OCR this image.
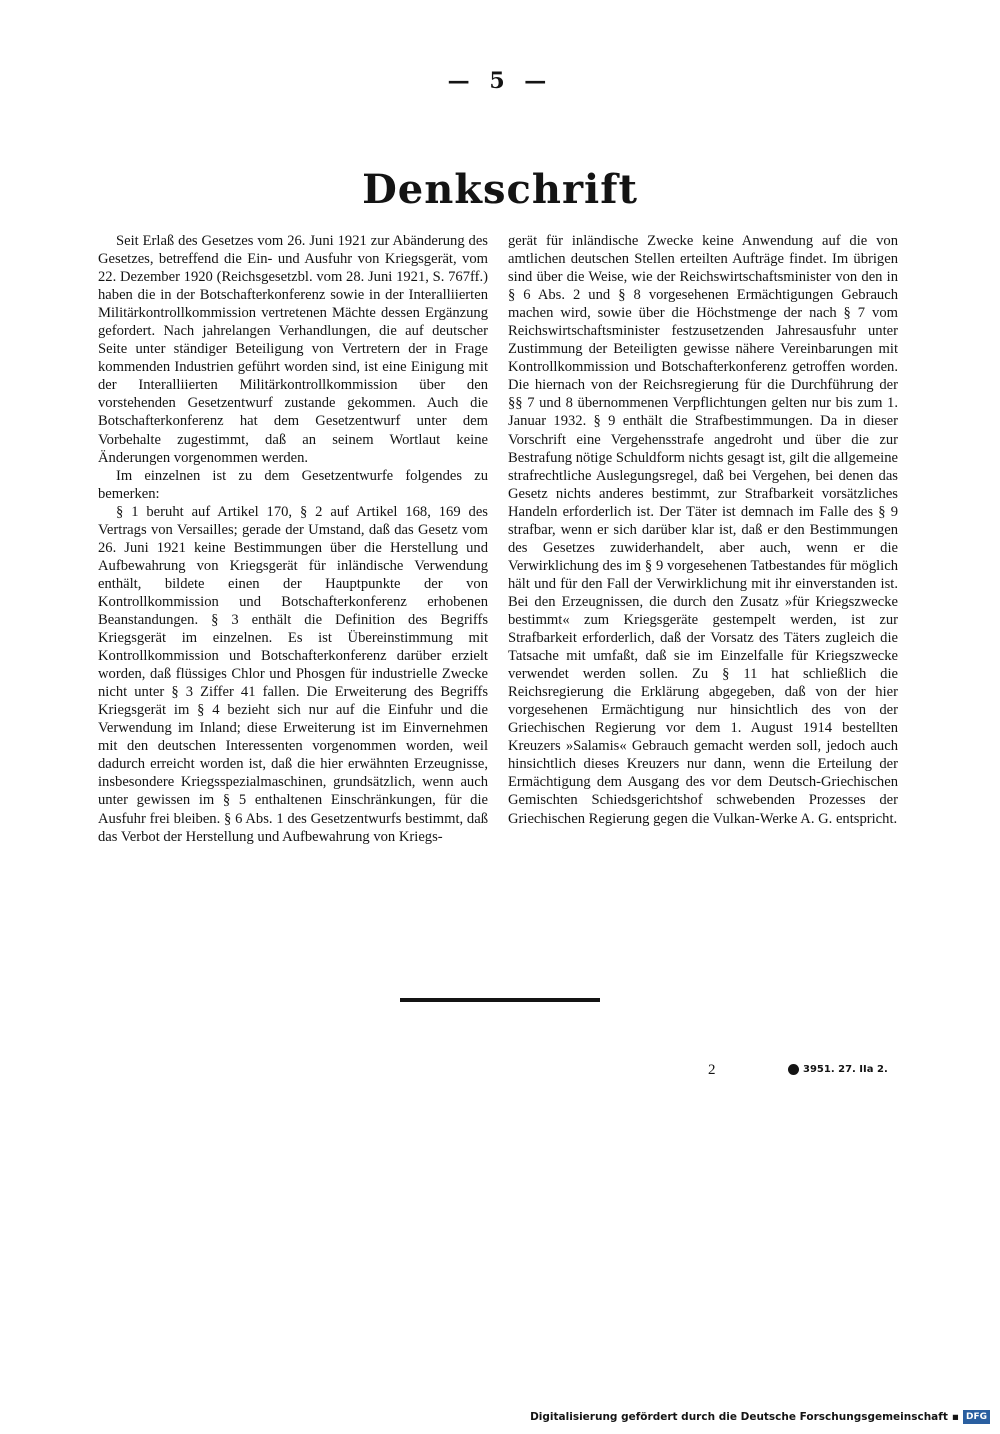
— 5 —
Denkschrift

Seit Erlaß des Gesetzes vom 26. Juni 1921 zur Abänderung des Gesetzes, betreffend die Ein- und Ausfuhr von Kriegsgerät, vom 22. Dezember 1920 (Reichsgesetzbl. vom 28. Juni 1921, S. 767ff.) haben die in der Botschafterkonferenz sowie in der Interalliierten Militärkontrollkommission vertretenen Mächte dessen Ergänzung gefordert. Nach jahrelangen Verhandlungen, die auf deutscher Seite unter ständiger Beteiligung von Vertretern der in Frage kommenden Industrien geführt worden sind, ist eine Einigung mit der Interalliierten Militärkontrollkommission über den vorstehenden Gesetzentwurf zustande gekommen. Auch die Botschafterkonferenz hat dem Gesetzentwurf unter dem Vorbehalte zugestimmt, daß an seinem Wortlaut keine Änderungen vorgenommen werden.

Im einzelnen ist zu dem Gesetzentwurfe folgendes zu bemerken:

§ 1 beruht auf Artikel 170, § 2 auf Artikel 168, 169 des Vertrags von Versailles; gerade der Umstand, daß das Gesetz vom 26. Juni 1921 keine Bestimmungen über die Herstellung und Aufbewahrung von Kriegsgerät für inländische Verwendung enthält, bildete einen der Hauptpunkte der von Kontrollkommission und Botschafterkonferenz erhobenen Beanstandungen. § 3 enthält die Definition des Begriffs Kriegsgerät im einzelnen. Es ist Übereinstimmung mit Kontrollkommission und Botschafterkonferenz darüber erzielt worden, daß flüssiges Chlor und Phosgen für industrielle Zwecke nicht unter § 3 Ziffer 41 fallen. Die Erweiterung des Begriffs Kriegsgerät im § 4 bezieht sich nur auf die Einfuhr und die Verwendung im Inland; diese Erweiterung ist im Einvernehmen mit den deutschen Interessenten vorgenommen worden, weil dadurch erreicht worden ist, daß die hier erwähnten Erzeugnisse, insbesondere Kriegsspezialmaschinen, grundsätzlich, wenn auch unter gewissen im § 5 enthaltenen Einschränkungen, für die Ausfuhr frei bleiben. § 6 Abs. 1 des Gesetzentwurfs bestimmt, daß das Verbot der Herstellung und Aufbewahrung von Kriegs-

gerät für inländische Zwecke keine Anwendung auf die von amtlichen deutschen Stellen erteilten Aufträge findet. Im übrigen sind über die Weise, wie der Reichswirtschaftsminister von den in § 6 Abs. 2 und § 8 vorgesehenen Ermächtigungen Gebrauch machen wird, sowie über die Höchstmenge der nach § 7 vom Reichswirtschaftsminister festzusetzenden Jahresausfuhr unter Zustimmung der Beteiligten gewisse nähere Vereinbarungen mit Kontrollkommission und Botschafterkonferenz getroffen worden. Die hiernach von der Reichsregierung für die Durchführung der §§ 7 und 8 übernommenen Verpflichtungen gelten nur bis zum 1. Januar 1932. § 9 enthält die Strafbestimmungen. Da in dieser Vorschrift eine Vergehensstrafe angedroht und über die zur Bestrafung nötige Schuldform nichts gesagt ist, gilt die allgemeine strafrechtliche Auslegungsregel, daß bei Vergehen, bei denen das Gesetz nichts anderes bestimmt, zur Strafbarkeit vorsätzliches Handeln erforderlich ist. Der Täter ist demnach im Falle des § 9 strafbar, wenn er sich darüber klar ist, daß er den Bestimmungen des Gesetzes zuwiderhandelt, aber auch, wenn er die Verwirklichung des im § 9 vorgesehenen Tatbestandes für möglich hält und für den Fall der Verwirklichung mit ihr einverstanden ist. Bei den Erzeugnissen, die durch den Zusatz »für Kriegszwecke bestimmt« zum Kriegsgeräte gestempelt werden, ist zur Strafbarkeit erforderlich, daß der Vorsatz des Täters zugleich die Tatsache mit umfaßt, daß sie im Einzelfalle für Kriegszwecke verwendet werden sollen. Zu § 11 hat schließlich die Reichsregierung die Erklärung abgegeben, daß von der hier vorgesehenen Ermächtigung nur hinsichtlich des von der Griechischen Regierung vor dem 1. August 1914 bestellten Kreuzers »Salamis« Gebrauch gemacht werden soll, jedoch auch hinsichtlich dieses Kreuzers nur dann, wenn die Erteilung der Ermächtigung dem Ausgang des vor dem Deutsch-Griechischen Gemischten Schiedsgerichtshof schwebenden Prozesses der Griechischen Regierung gegen die Vulkan-Werke A. G. entspricht.

2	3951. 27. IIa 2.
Digitalisierung gefördert durch die Deutsche Forschungsgemeinschaft ▪ DFG
